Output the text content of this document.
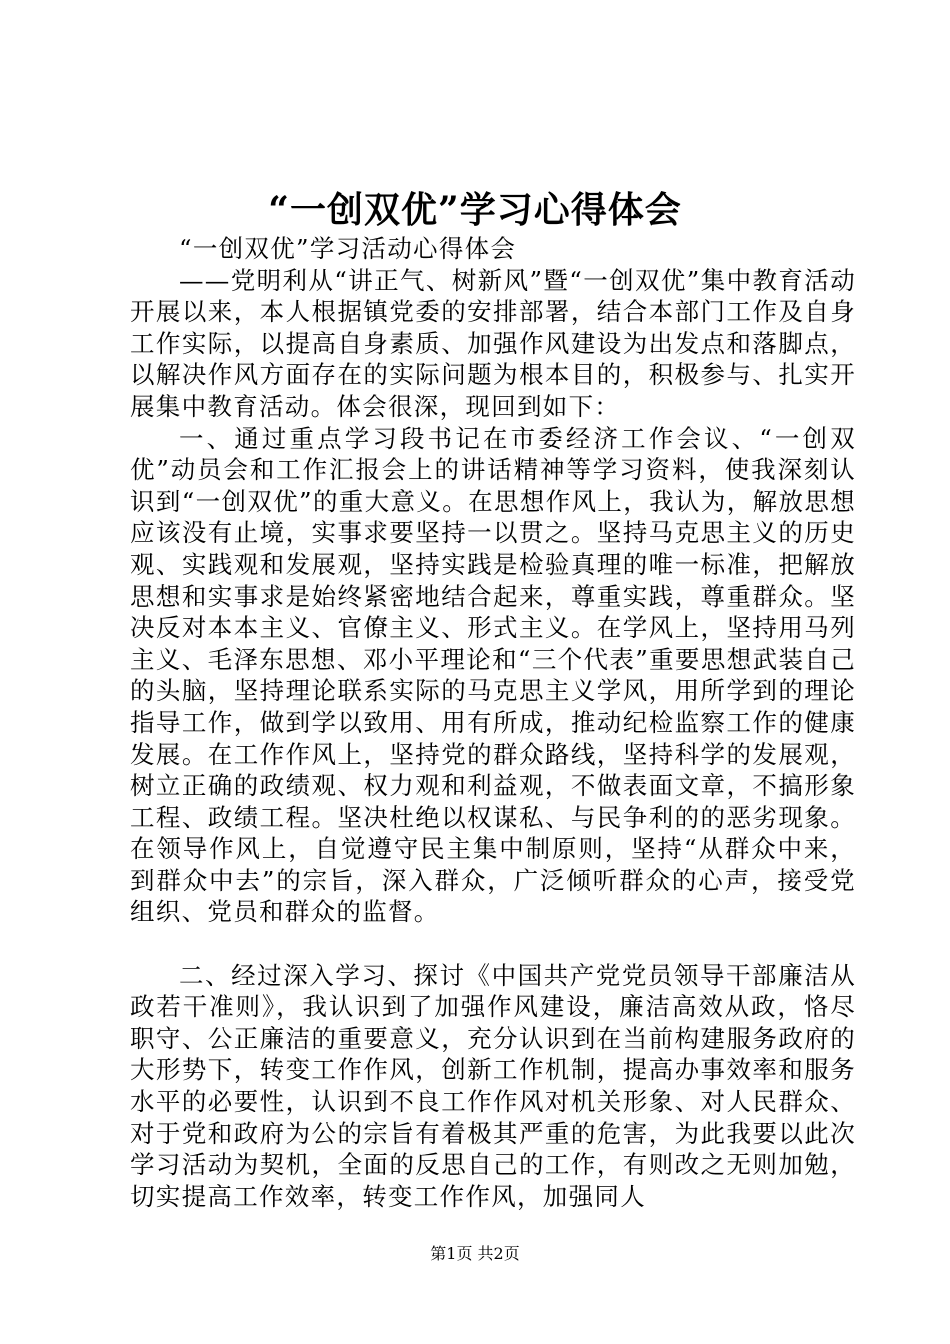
“一创双优”学习心得体会

“一创双优”学习活动心得体会

——党明利从“讲正气、树新风”暨“一创双优”集中教育活动开展以来，本人根据镇党委的安排部署，结合本部门工作及自身工作实际，以提高自身素质、加强作风建设为出发点和落脚点，以解决作风方面存在的实际问题为根本目的，积极参与、扎实开展集中教育活动。体会很深，现回到如下：

一、通过重点学习段书记在市委经济工作会议、“一创双优”动员会和工作汇报会上的讲话精神等学习资料，使我深刻认识到“一创双优”的重大意义。在思想作风上，我认为，解放思想应该没有止境，实事求要坚持一以贯之。坚持马克思主义的历史观、实践观和发展观，坚持实践是检验真理的唯一标准，把解放思想和实事求是始终紧密地结合起来，尊重实践，尊重群众。坚决反对本本主义、官僚主义、形式主义。在学风上，坚持用马列主义、毛泽东思想、邓小平理论和“三个代表”重要思想武装自己的头脑，坚持理论联系实际的马克思主义学风，用所学到的理论指导工作，做到学以致用、用有所成，推动纪检监察工作的健康发展。在工作作风上，坚持党的群众路线，坚持科学的发展观，树立正确的政绩观、权力观和利益观，不做表面文章，不搞形象工程、政绩工程。坚决杜绝以权谋私、与民争利的的恶劣现象。在领导作风上，自觉遵守民主集中制原则，坚持“从群众中来，到群众中去”的宗旨，深入群众，广泛倾听群众的心声，接受党组织、党员和群众的监督。

二、经过深入学习、探讨《中国共产党党员领导干部廉洁从政若干准则》，我认识到了加强作风建设，廉洁高效从政，恪尽职守、公正廉洁的重要意义，充分认识到在当前构建服务政府的大形势下，转变工作作风，创新工作机制，提高办事效率和服务水平的必要性，认识到不良工作作风对机关形象、对人民群众、对于党和政府为公的宗旨有着极其严重的危害，为此我要以此次学习活动为契机，全面的反思自己的工作，有则改之无则加勉，切实提高工作效率，转变工作作风，加强同人

第1页 共2页
